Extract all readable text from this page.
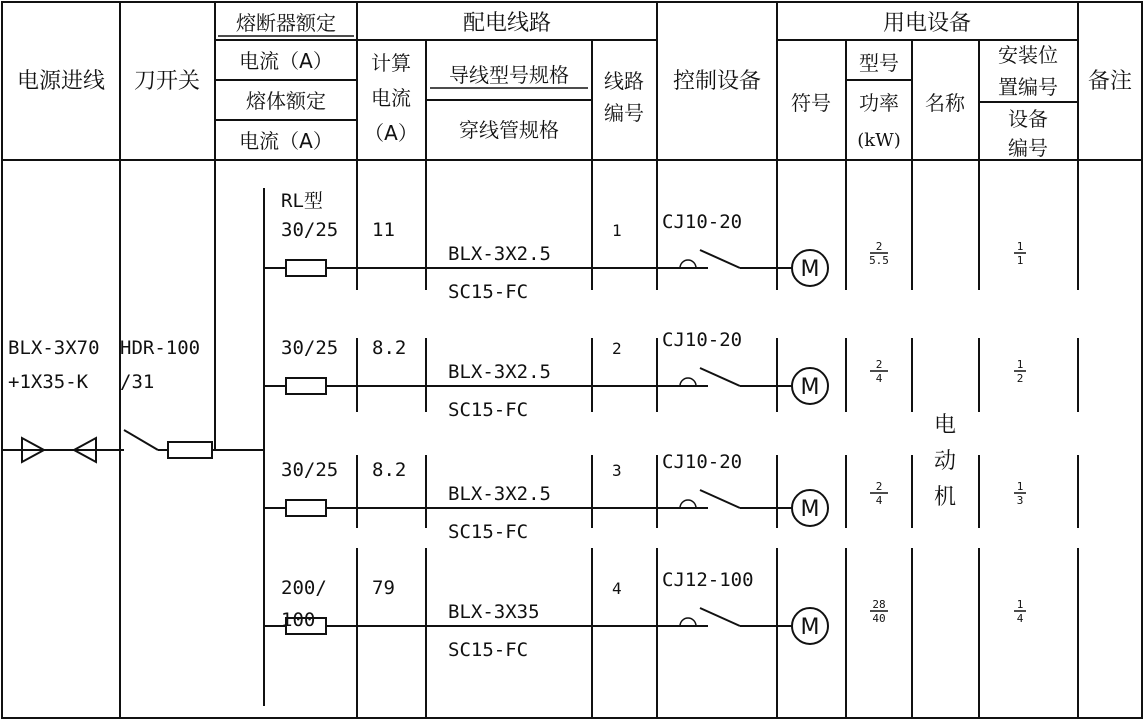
电源进线 刀开关
熔断器额定
电流（A）
熔体额定
电流（A）
配电线路
计算
电流
（A）
导线型号规格
穿线管规格
线路
编号
控制设备
用电设备
符号
型号
功率
(kW)
名称
安装位
置编号
设备
编号
备注
BLX-3X70
+1X35-K
HDR-100
/31
RL型
电
动
机
M
30/25 11
BLX-3X2.5
SC15-FC
1 CJ10-20
2
5.5
1
1
M
30/25 8.2
BLX-3X2.5
SC15-FC
2 CJ10-20
2
4
1
2
M
30/25 8.2
BLX-3X2.5
SC15-FC
3 CJ10-20
2
4
1
3
M
200/
100
79
BLX-3X35
SC15-FC
4 CJ12-100
28
40
1
4
